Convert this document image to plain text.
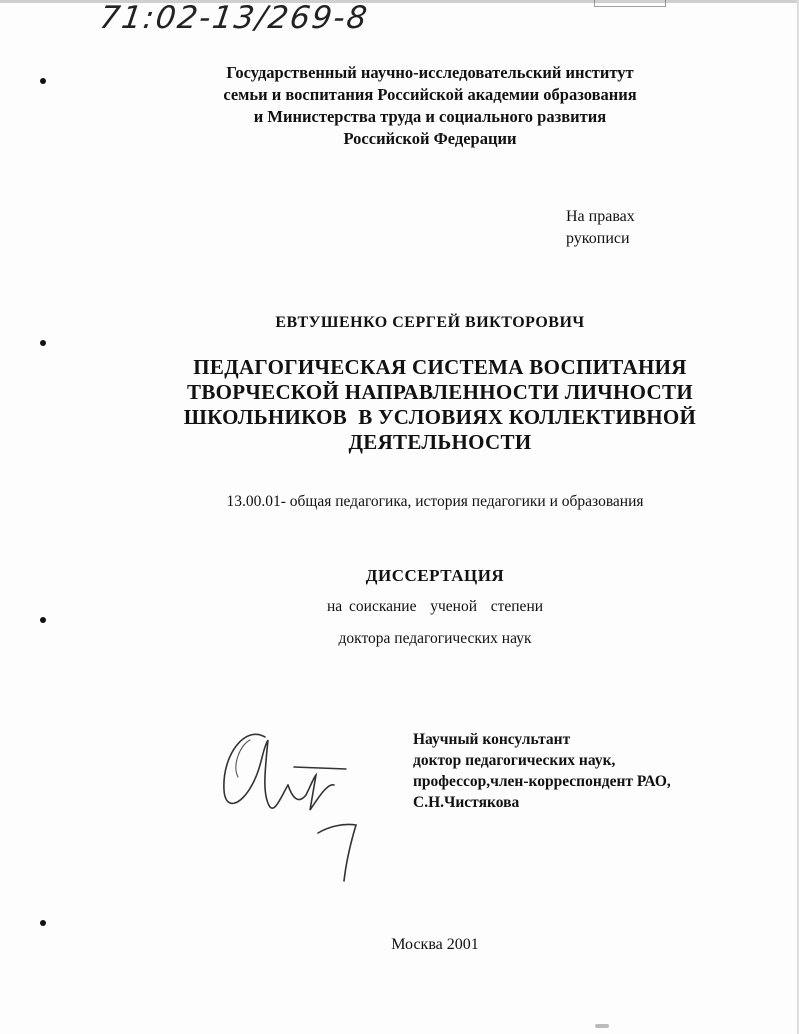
71:02-13/269-8
Государственный научно-исследовательский институт
семьи и воспитания Российской академии образования
и Министерства труда и социального развития
Российской Федерации
На правах
рукописи
ЕВТУШЕНКО СЕРГЕЙ ВИКТОРОВИЧ
ПЕДАГОГИЧЕСКАЯ СИСТЕМА ВОСПИТАНИЯ
ТВОРЧЕСКОЙ НАПРАВЛЕННОСТИ ЛИЧНОСТИ
ШКОЛЬНИКОВ  В УСЛОВИЯХ КОЛЛЕКТИВНОЙ
ДЕЯТЕЛЬНОСТИ
13.00.01- общая педагогика, история педагогики и образования
ДИССЕРТАЦИЯ
на соискание  ученой  степени
доктора педагогических наук
Научный консультант
доктор педагогических наук,
профессор,член-корреспондент РАО,
С.Н.Чистякова
Москва 2001
